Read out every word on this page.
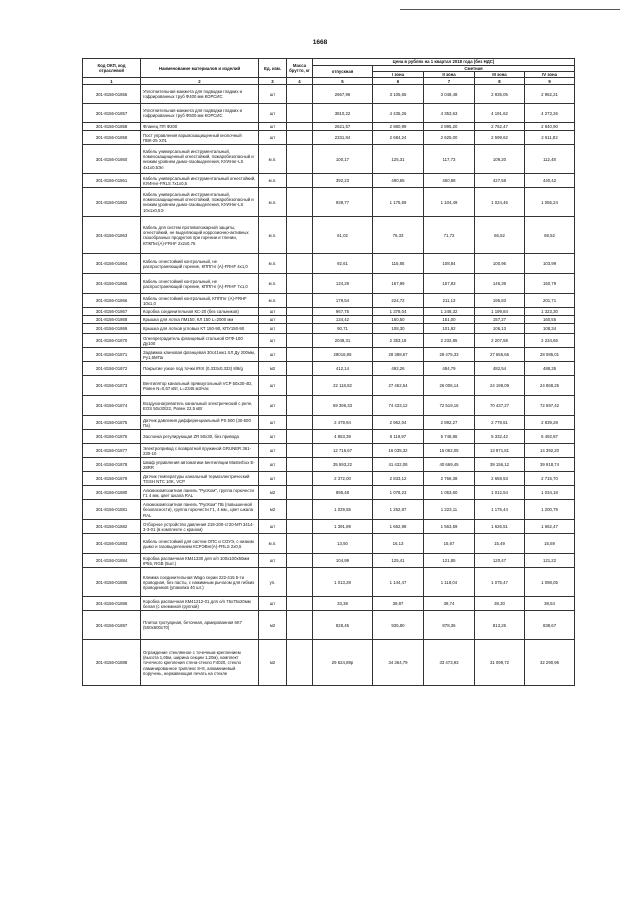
1668
Код ОКП, код отраслевой	Наименование материалов и изделий	Ед. изм.	Масса брутто, кг	Цена в рублях на 1 квартал 2018 года (без НДС)				
				отпускная	Сметная			
					I зона	II зона	III зона	IV зона
1	2	3	4	5	6	7	8	9
301-8156-01856	Уплотнительная манжета для подводки гладких и гофрированных труб Ф400 мм КОРСИС	шт		2667,96	3 105,65	3 048,48	2 935,05	2 962,21
301-8156-01857	Уплотнительная манжета для подводки гладких и гофрированных труб Ф500 мм КОРСИС	шт		3810,22	4 435,26	4 353,63	4 191,62	4 273,26
301-8156-01858	Фланец ПП Ф200	шт		2621,57	2 980,99	2 895,20	2 762,47	2 840,90
301-8156-01859	Пост управления взрывозащищенный кнопочный ПВК-25 ХЛ1	шт		2331,84	2 684,24	2 625,00	2 599,62	2 611,82
301-8156-01860	Кабель универсальный инструментальный, помехозащищенный огнестойкий, пожаробезопасный и низким уровнем дымо-газовыделения, КУИНнг-LS 4х1х0,5Эл	м.п.		100,17	125,31	117,73	109,20	112,48
301-8156-01861	Кабель универсальный инструментальный огнестойкий, КУИНнг-FRLS 7х1х0,5	м.п.		392,23	490,65	460,98	427,58	440,42
301-8156-01862	Кабель универсальный инструментальный, помехозащищенный огнестойкий, пожаробезопасный и низким уровнем дымо-газовыделения, КУИНнг-LS 10х1х0,5Э	м.п.		939,77	1 175,59	1 104,49	1 024,46	1 055,24
301-8156-01863	Кабель для систем противопожарной защиты, огнестойкий, не выделяющий коррозионно-активных газообразных продуктов при горении и тлении, КПКПнг(А)-FRHF 2х2х0,75	м.п.		61,02	76,33	71,72	66,52	68,52
301-8156-01864	Кабель огнестойкий контрольный, не распространяющий горение, КППГнг (А)-FRHF 4х1,0	м.п.		92,61	115,85	108,84	100,96	103,99
301-8156-01865	Кабель огнестойкий контрольный, не распространяющий горение, КППГнг (А)-FRHF 7х1,0	м.п.		134,29	167,99	157,83	146,39	150,79
301-8156-01866	Кабель огнестойкий контрольный, КППГнг (А)-FRHF 10х1,0	м.п.		179,54	224,72	211,13	195,83	201,71
301-8156-01867	Коробка соединительная КС-20 (без сальников)	шт		967,75	1 378,04	1 248,32	1 199,84	1 323,30
301-8156-01868	Крышка для лотка ЛМ150, КЛ 150 L=2000 мм	шт		134,42	160,50	151,00	157,27	160,55
301-8156-01869	Крышка для лотков угловых КТ 150-90, КПУ150-90	шт		90,71	108,30	101,92	106,13	108,34
301-8156-01870	Огнепреградитель фланцевый стальной ОГФ-100 Ду100	шт		2048,31	2 353,18	2 232,85	2 207,58	2 234,65
301-8156-01871	Задвижка клиновая фланцевая 30с41нж1 ХЛ Ду 200мм, Ру1,6МПа	шт		28016,95	29 388,67	28 475,33	27 655,66	28 085,01
301-8156-01872	Покрытие узкое под точки IRIX (0,333х0,333) 8/8/g	м2		412,14	492,26	484,79	482,54	488,35
301-8156-01873	Вентилятор канальный прямоугольный VCP 50х30-4D, Ровен N=0,67 кВт, L=2345 м3/час	шт		22 118,82	27 462,54	26 006,14	24 198,09	24 868,25
301-8156-01874	Воздухонагреватель канальный электрический с реле, EOS 50х30/22, Ровен 22,5 кВт	шт		69 396,33	74 433,12	72 519,16	70 437,27	72 697,42
301-8156-01875	Датчик давления дифференциальный PS 500 (30-500 Па)	шт		2 479,94	2 962,04	2 892,27	2 779,51	2 839,28
301-8156-01876	Заслонка регулирующая ZR 50х30, без привода	шт		4 853,39	6 118,97	5 748,86	5 332,42	5 492,87
301-8156-01877	Электропривод с возвратной пружиной GRUNER 361-230-10	шт		12 716,67	16 035,32	15 062,05	13 971,81	14 392,20
301-8156-01878	Шкаф управления автоматики вентиляции Masterbox E-28RR	шт		35 593,22	41 432,08	40 669,45	39 156,12	39 918,74
301-8156-01879	Датчик температуры канальный термоэлектрический TGSH NTC 10K, VCP	шт		2 372,00	2 833,12	2 766,38	2 659,53	2 715,70
301-8156-01880	Алюмокомпозитная панель "РусКом", группа горючести Г1 4 мм, цвет шкала RAL	м2		895,48	1 078,23	1 053,60	1 012,54	1 034,18
301-8156-01881	Алюмокомпозитная панель "РусКом" ПБ (повышенной безопасности), группа горючести Г1, 4 мм., цвет шкала RAL	м2		1 029,55	1 252,87	1 223,11	1 175,44	1 200,79
301-8156-01882	Отборное устройство давления 218-200-ст20-МП 3414-3-3-01 (в комплекте с краном)	шт		1 391,89	1 662,98	1 563,59	1 626,51	1 662,47
301-8156-01883	Кабель огнестойкий для систем ОПС и СОУЭ, с низким дымо и газовыделением КСРЭВнг(А)-FRLS 2х0,5	м.п.		13,50	16,13	15,67	15,49	15,59
301-8156-01884	Коробка распаечная КМ41330 для о/п 100х100х50мм IP55, RGB (5шт.)	шт		104,99	125,41	121,85	120,47	121,22
301-8156-01885	Клемма соединительная Wago серии 222-415 5-ти проводная, без пасты, с нажимным рычагом для гибких проводников (упаковка 40 шт.)	уп.		1 013,28	1 144,47	1 118,04	1 075,47	1 098,05
301-8156-01886	Коробка распаечная КМ41212-01 для о/п 75х75х20мм белая (с клеммной группой)	шт		33,38	39,87	38,74	38,30	38,54
301-8156-01887	Плитка тротуарная, бетонная, армированная 6К7 (500х500х70)	м2		828,45	935,80	878,36	813,26	838,67
301-8156-01888	Ограждение стеклянное с точечным креплением (высота 1,65м, ширина секции 1,20м), комплект точечного крепления стена-стекло F4020, стекло ламинированное триплекс 8+8, алюминиевый поручень, нержавеющая печать на стекле	м2		29 624,89р	34 364,79	33 473,93	31 099,72	32 290,96
